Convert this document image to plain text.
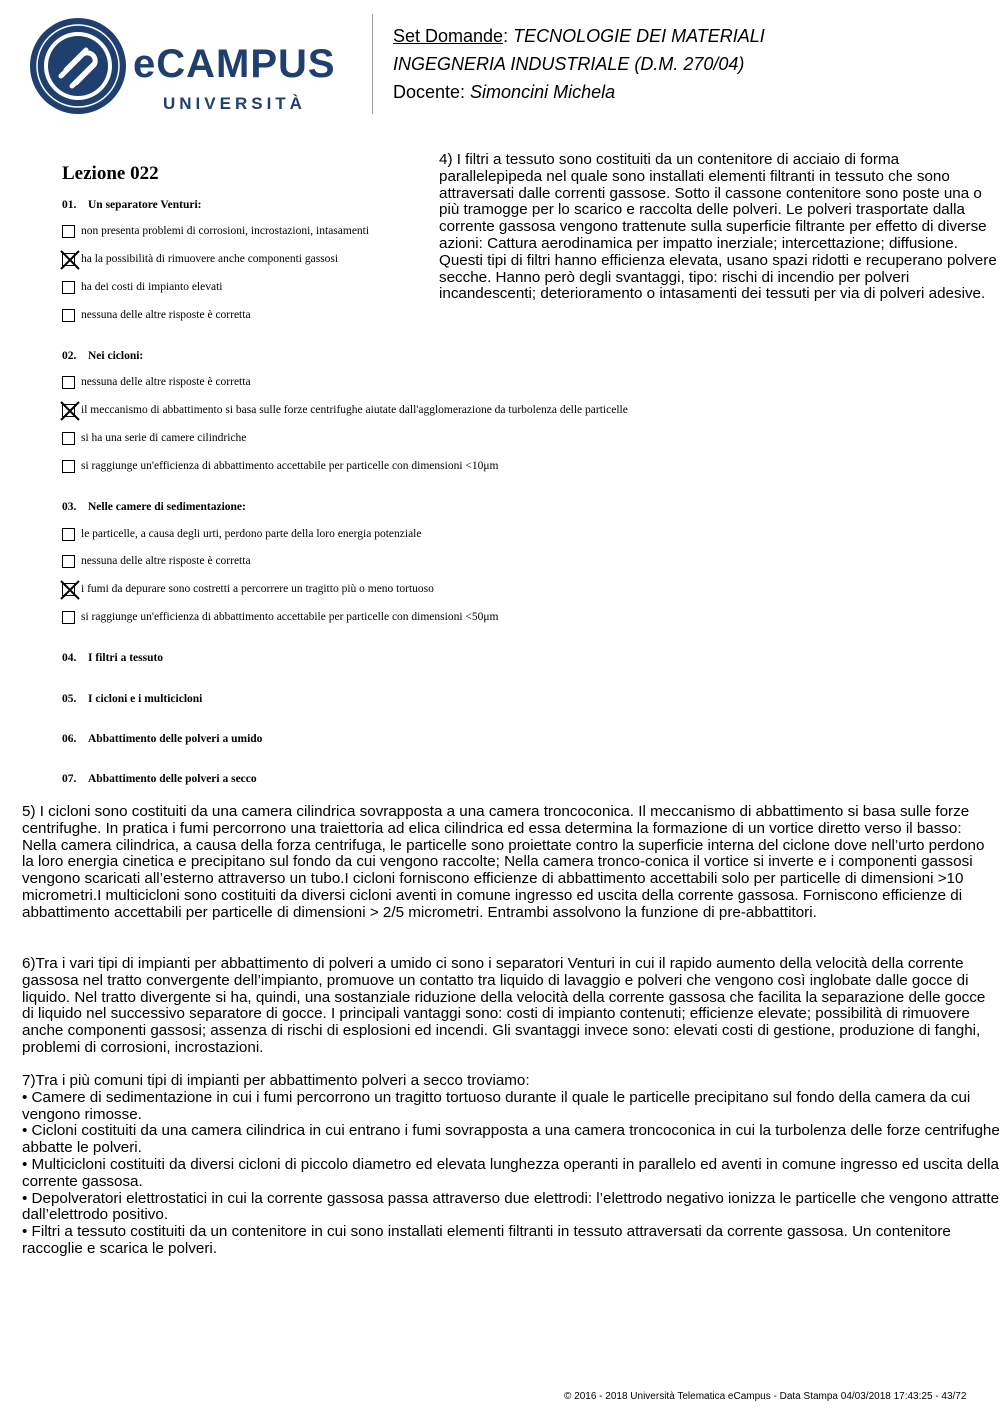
eCAMPUS
UNIVERSITÀ
Set Domande: TECNOLOGIE DEI MATERIALI
INGEGNERIA INDUSTRIALE (D.M. 270/04)
Docente: Simoncini Michela
Lezione 022
01. Un separatore Venturi:
non presenta problemi di corrosioni, incrostazioni, intasamenti
ha la possibilità di rimuovere anche componenti gassosi
ha dei costi di impianto elevati
nessuna delle altre risposte è corretta
02. Nei cicloni:
nessuna delle altre risposte è corretta
il meccanismo di abbattimento si basa sulle forze centrifughe aiutate dall'agglomerazione da turbolenza delle particelle
si ha una serie di camere cilindriche
si raggiunge un'efficienza di abbattimento accettabile per particelle con dimensioni <10μm
03. Nelle camere di sedimentazione:
le particelle, a causa degli urti, perdono parte della loro energia potenziale
nessuna delle altre risposte è corretta
i fumi da depurare sono costretti a percorrere un tragitto più o meno tortuoso
si raggiunge un'efficienza di abbattimento accettabile per particelle con dimensioni <50μm
04. I filtri a tessuto
05. I cicloni e i multicicloni
06. Abbattimento delle polveri a umido
07. Abbattimento delle polveri a secco
4) I filtri a tessuto sono costituiti da un contenitore di acciaio di forma parallelepipeda nel quale sono installati elementi filtranti in tessuto che sono attraversati dalle correnti gassose. Sotto il cassone contenitore sono poste una o più tramogge per lo scarico e raccolta delle polveri. Le polveri trasportate dalla corrente gassosa vengono trattenute sulla superficie filtrante per effetto di diverse azioni: Cattura aerodinamica per impatto inerziale; intercettazione; diffusione. Questi tipi di filtri hanno efficienza elevata, usano spazi ridotti e recuperano polvere secche. Hanno però degli svantaggi, tipo: rischi di incendio per polveri incandescenti; deterioramento o intasamenti dei tessuti per via di polveri adesive.
5) I cicloni sono costituiti da una camera cilindrica sovrapposta a una camera troncoconica. Il meccanismo di abbattimento si basa sulle forze centrifughe. In pratica i fumi percorrono una traiettoria ad elica cilindrica ed essa determina la formazione di un vortice diretto verso il basso: Nella camera cilindrica, a causa della forza centrifuga, le particelle sono proiettate contro la superficie interna del ciclone dove nell’urto perdono la loro energia cinetica e precipitano sul fondo da cui vengono raccolte; Nella camera tronco-conica il vortice si inverte e i componenti gassosi vengono scaricati all’esterno attraverso un tubo.I cicloni forniscono efficienze di abbattimento accettabili solo per particelle di dimensioni >10 micrometri.I multicicloni sono costituiti da diversi cicloni aventi in comune ingresso ed uscita della corrente gassosa. Forniscono efficienze di abbattimento accettabili per particelle di dimensioni > 2/5 micrometri. Entrambi assolvono la funzione di pre-abbattitori.
6)Tra i vari tipi di impianti per abbattimento di polveri a umido ci sono i separatori Venturi in cui il rapido aumento della velocità della corrente gassosa nel tratto convergente dell’impianto, promuove un contatto tra liquido di lavaggio e polveri che vengono così inglobate dalle gocce di liquido. Nel tratto divergente si ha, quindi, una sostanziale riduzione della velocità della corrente gassosa che facilita la separazione delle gocce di liquido nel successivo separatore di gocce. I principali vantaggi sono: costi di impianto contenuti; efficienze elevate; possibilità di rimuovere anche componenti gassosi; assenza di rischi di esplosioni ed incendi. Gli svantaggi invece sono: elevati costi di gestione, produzione di fanghi, problemi di corrosioni, incrostazioni.
7)Tra i più comuni tipi di impianti per abbattimento polveri a secco troviamo:
• Camere di sedimentazione in cui i fumi percorrono un tragitto tortuoso durante il quale le particelle precipitano sul fondo della camera da cui vengono rimosse.
• Cicloni costituiti da una camera cilindrica in cui entrano i fumi sovrapposta a una camera troncoconica in cui la turbolenza delle forze centrifughe abbatte le polveri.
• Multicicloni costituiti da diversi cicloni di piccolo diametro ed elevata lunghezza operanti in parallelo ed aventi in comune ingresso ed uscita della corrente gassosa.
• Depolveratori elettrostatici in cui la corrente gassosa passa attraverso due elettrodi: l’elettrodo negativo ionizza le particelle che vengono attratte dall’elettrodo positivo.
• Filtri a tessuto costituiti da un contenitore in cui sono installati elementi filtranti in tessuto attraversati da corrente gassosa. Un contenitore raccoglie e scarica le polveri.
© 2016 - 2018 Università Telematica eCampus - Data Stampa 04/03/2018 17:43:25 - 43/72
